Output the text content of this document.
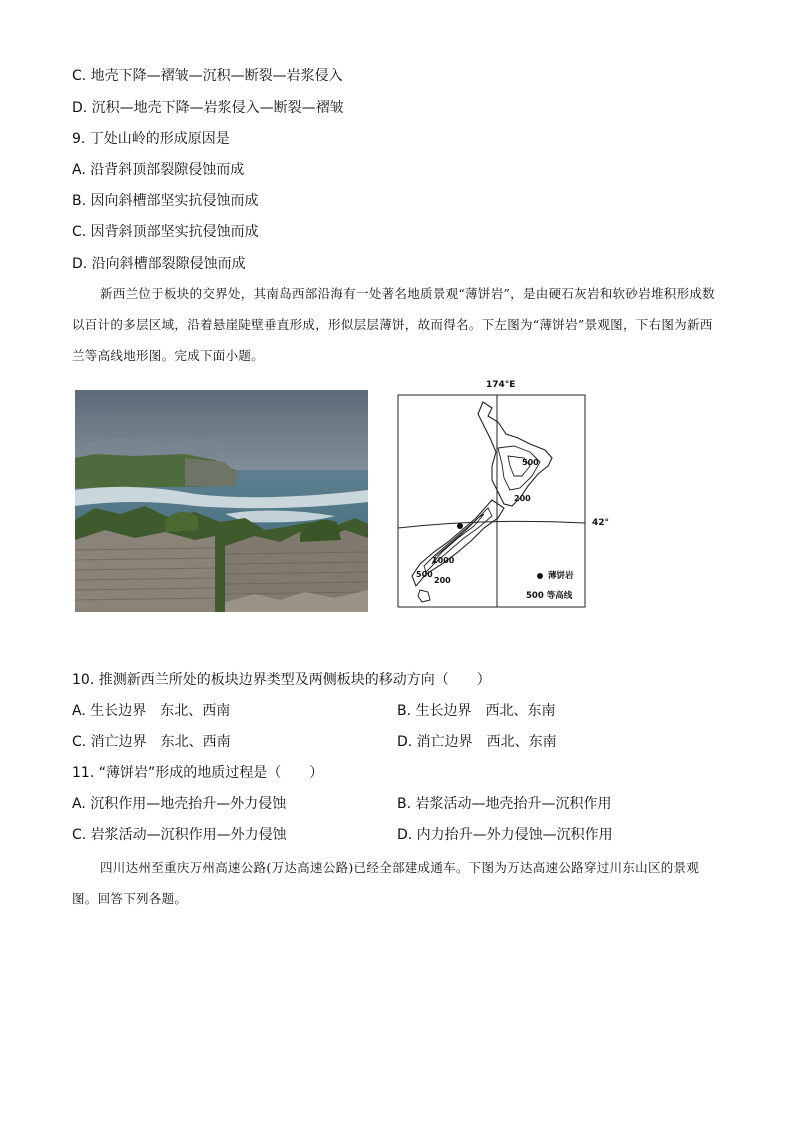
C. 地壳下降—褶皱—沉积—断裂—岩浆侵入
D. 沉积—地壳下降—岩浆侵入—断裂—褶皱
9. 丁处山岭的形成原因是
A. 沿背斜顶部裂隙侵蚀而成
B. 因向斜槽部坚实抗侵蚀而成
C. 因背斜顶部坚实抗侵蚀而成
D. 沿向斜槽部裂隙侵蚀而成
新西兰位于板块的交界处，其南岛西部沿海有一处著名地质景观“薄饼岩”，是由硬石灰岩和软砂岩堆积形成数以百计的多层区域，沿着悬崖陡壁垂直形成，形似层层薄饼，故而得名。下左图为“薄饼岩”景观图，下右图为新西兰等高线地形图。完成下面小题。
174°E
42°
500
200
1000
500
200	薄饼岩
500 等高线
10. 推测新西兰所处的板块边界类型及两侧板块的移动方向（　　）
A. 生长边界　东北、西南	B. 生长边界　西北、东南
C. 消亡边界　东北、西南	D. 消亡边界　西北、东南
11. “薄饼岩”形成的地质过程是（　　）
A. 沉积作用—地壳抬升—外力侵蚀	B. 岩浆活动—地壳抬升—沉积作用
C. 岩浆活动—沉积作用—外力侵蚀	D. 内力抬升—外力侵蚀—沉积作用
四川达州至重庆万州高速公路(万达高速公路)已经全部建成通车。下图为万达高速公路穿过川东山区的景观图。回答下列各题。
